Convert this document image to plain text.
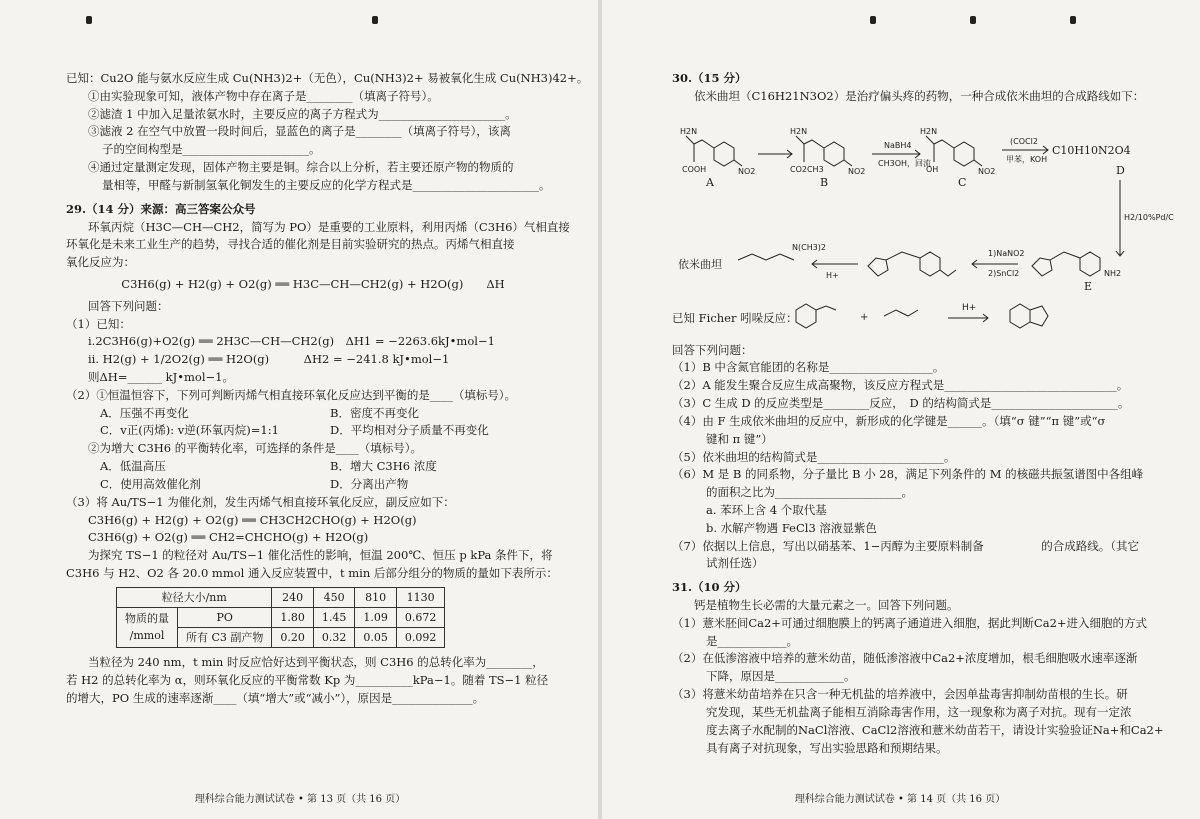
已知：Cu2O 能与氨水反应生成 Cu(NH3)2+（无色），Cu(NH3)2+ 易被氧化生成 Cu(NH3)42+。
①由实验现象可知，液体产物中存在离子是________（填离子符号）。
②滤渣 1 中加入足量浓氨水时，主要反应的离子方程式为______________________。
③滤液 2 在空气中放置一段时间后，显蓝色的离子是________（填离子符号），该离
子的空间构型是______________________。
④通过定量测定发现，固体产物主要是铜。综合以上分析，若主要还原产物的物质的
量相等，甲醛与新制氢氧化铜发生的主要反应的化学方程式是______________________。
29.（14 分）来源：高三答案公众号
环氧丙烷（H3C—CH—CH2，简写为 PO）是重要的工业原料，利用丙烯（C3H6）气相直接
环氧化是未来工业生产的趋势，寻找合适的催化剂是目前实验研究的热点。丙烯气相直接
氧化反应为：
C3H6(g) + H2(g) + O2(g) ══ H3C—CH—CH2(g) + H2O(g)　　ΔH
回答下列问题：
（1）已知：
ⅰ.2C3H6(g)+O2(g) ══ 2H3C—CH—CH2(g)　ΔH1 = −2263.6kJ•mol−1
ⅱ. H2(g) + 1/2O2(g) ══ H2O(g)　　　ΔH2 = −241.8 kJ•mol−1
则ΔH=______ kJ•mol−1。
（2）①恒温恒容下，下列可判断丙烯气相直接环氧化反应达到平衡的是____（填标号）。
A．压强不再变化	B．密度不再变化
C．v正(丙烯): v逆(环氧丙烷)=1:1	D．平均相对分子质量不再变化
②为增大 C3H6 的平衡转化率，可选择的条件是____（填标号）。
A．低温高压	B．增大 C3H6 浓度
C．使用高效催化剂	D．分离出产物
（3）将 Au/TS−1 为催化剂，发生丙烯气相直接环氧化反应，副反应如下：
C3H6(g) + H2(g) + O2(g) ══ CH3CH2CHO(g) + H2O(g)
C3H6(g) + O2(g) ══ CH2=CHCHO(g) + H2O(g)
为探究 TS−1 的粒径对 Au/TS−1 催化活性的影响，恒温 200℃、恒压 p kPa 条件下，将
C3H6 与 H2、O2 各 20.0 mmol 通入反应装置中，t min 后部分组分的物质的量如下表所示：
粒径大小/nm		240	450	810	1130

物质的量
/mmol	PO	1.80	1.45	1.09	0.672
	所有 C3 副产物	0.20	0.32	0.05	0.092
当粒径为 240 nm，t min 时反应恰好达到平衡状态，则 C3H6 的总转化率为________，
若 H2 的总转化率为 α，则环氧化反应的平衡常数 Kp 为__________kPa−1。随着 TS−1 粒径
的增大，PO 生成的速率逐渐____（填“增大”或“减小”），原因是______________。
理科综合能力测试试卷 • 第 13 页（共 16 页）
30.（15 分）
依米曲坦（C16H21N3O2）是治疗偏头疼的药物，一种合成依米曲坦的合成路线如下：
H2N
COOH	NO2
H2N
CO2CH3	NO2
NaBH4
CH3OH，回流
H2N
OH	NO2
(COCl2
甲苯，KOH
H2/10%Pd/C
1)NaNO2
2)SnCl2	NH2
H+
N(CH3)2
A	B	C
C10H10N2O4
D
E
依米曲坦
已知 Ficher 吲哚反应：	+
H+
回答下列问题：
（1）B 中含氮官能团的名称是__________________。
（2）A 能发生聚合反应生成高聚物，该反应方程式是______________________________。
（3）C 生成 D 的反应类型是________反应，　D 的结构简式是______________________。
（4）由 F 生成依米曲坦的反应中，新形成的化学键是______。（填“σ 键”“π 键”或“σ
键和 π 键”）
（5）依米曲坦的结构简式是______________________。
（6）M 是 B 的同系物，分子量比 B 小 28，满足下列条件的 M 的核磁共振氢谱图中各组峰
的面积之比为______________________。
a. 苯环上含 4 个取代基
b. 水解产物遇 FeCl3 溶液显紫色
（7）依据以上信息，写出以硝基苯、1−丙醇为主要原料制备　　　　　的合成路线。（其它
试剂任选）
31.（10 分）
钙是植物生长必需的大量元素之一。回答下列问题。
（1）薏米胚间Ca2+可通过细胞膜上的钙离子通道进入细胞，据此判断Ca2+进入细胞的方式
是____________。
（2）在低渗溶液中培养的薏米幼苗，随低渗溶液中Ca2+浓度增加，根毛细胞吸水速率逐渐
下降，原因是____________。
（3）将薏米幼苗培养在只含一种无机盐的培养液中，会因单盐毒害抑制幼苗根的生长。研
究发现，某些无机盐离子能相互消除毒害作用，这一现象称为离子对抗。现有一定浓
度去离子水配制的NaCl溶液、CaCl2溶液和薏米幼苗若干，请设计实验验证Na+和Ca2+
具有离子对抗现象，写出实验思路和预期结果。
理科综合能力测试试卷 • 第 14 页（共 16 页）
